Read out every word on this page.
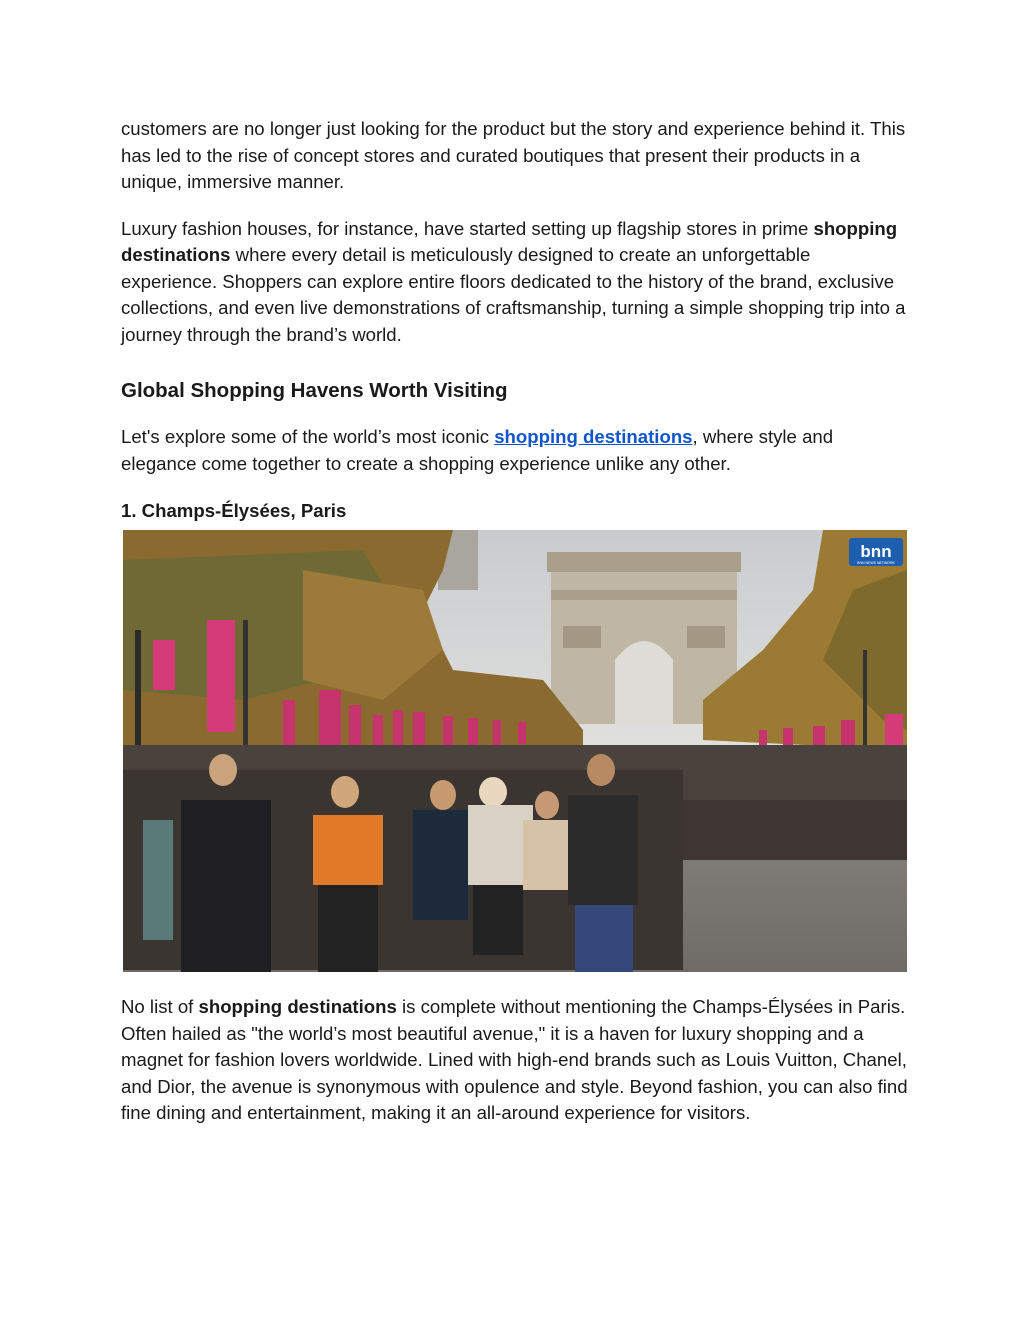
customers are no longer just looking for the product but the story and experience behind it. This has led to the rise of concept stores and curated boutiques that present their products in a unique, immersive manner.

Luxury fashion houses, for instance, have started setting up flagship stores in prime shopping destinations where every detail is meticulously designed to create an unforgettable experience. Shoppers can explore entire floors dedicated to the history of the brand, exclusive collections, and even live demonstrations of craftsmanship, turning a simple shopping trip into a journey through the brand’s world.

Global Shopping Havens Worth Visiting

Let's explore some of the world’s most iconic shopping destinations, where style and elegance come together to create a shopping experience unlike any other.

1. Champs-Élysées, Paris
bnn
BNN NEWS NETWORK

No list of shopping destinations is complete without mentioning the Champs-Élysées in Paris. Often hailed as "the world’s most beautiful avenue," it is a haven for luxury shopping and a magnet for fashion lovers worldwide. Lined with high-end brands such as Louis Vuitton, Chanel, and Dior, the avenue is synonymous with opulence and style. Beyond fashion, you can also find fine dining and entertainment, making it an all-around experience for visitors.
